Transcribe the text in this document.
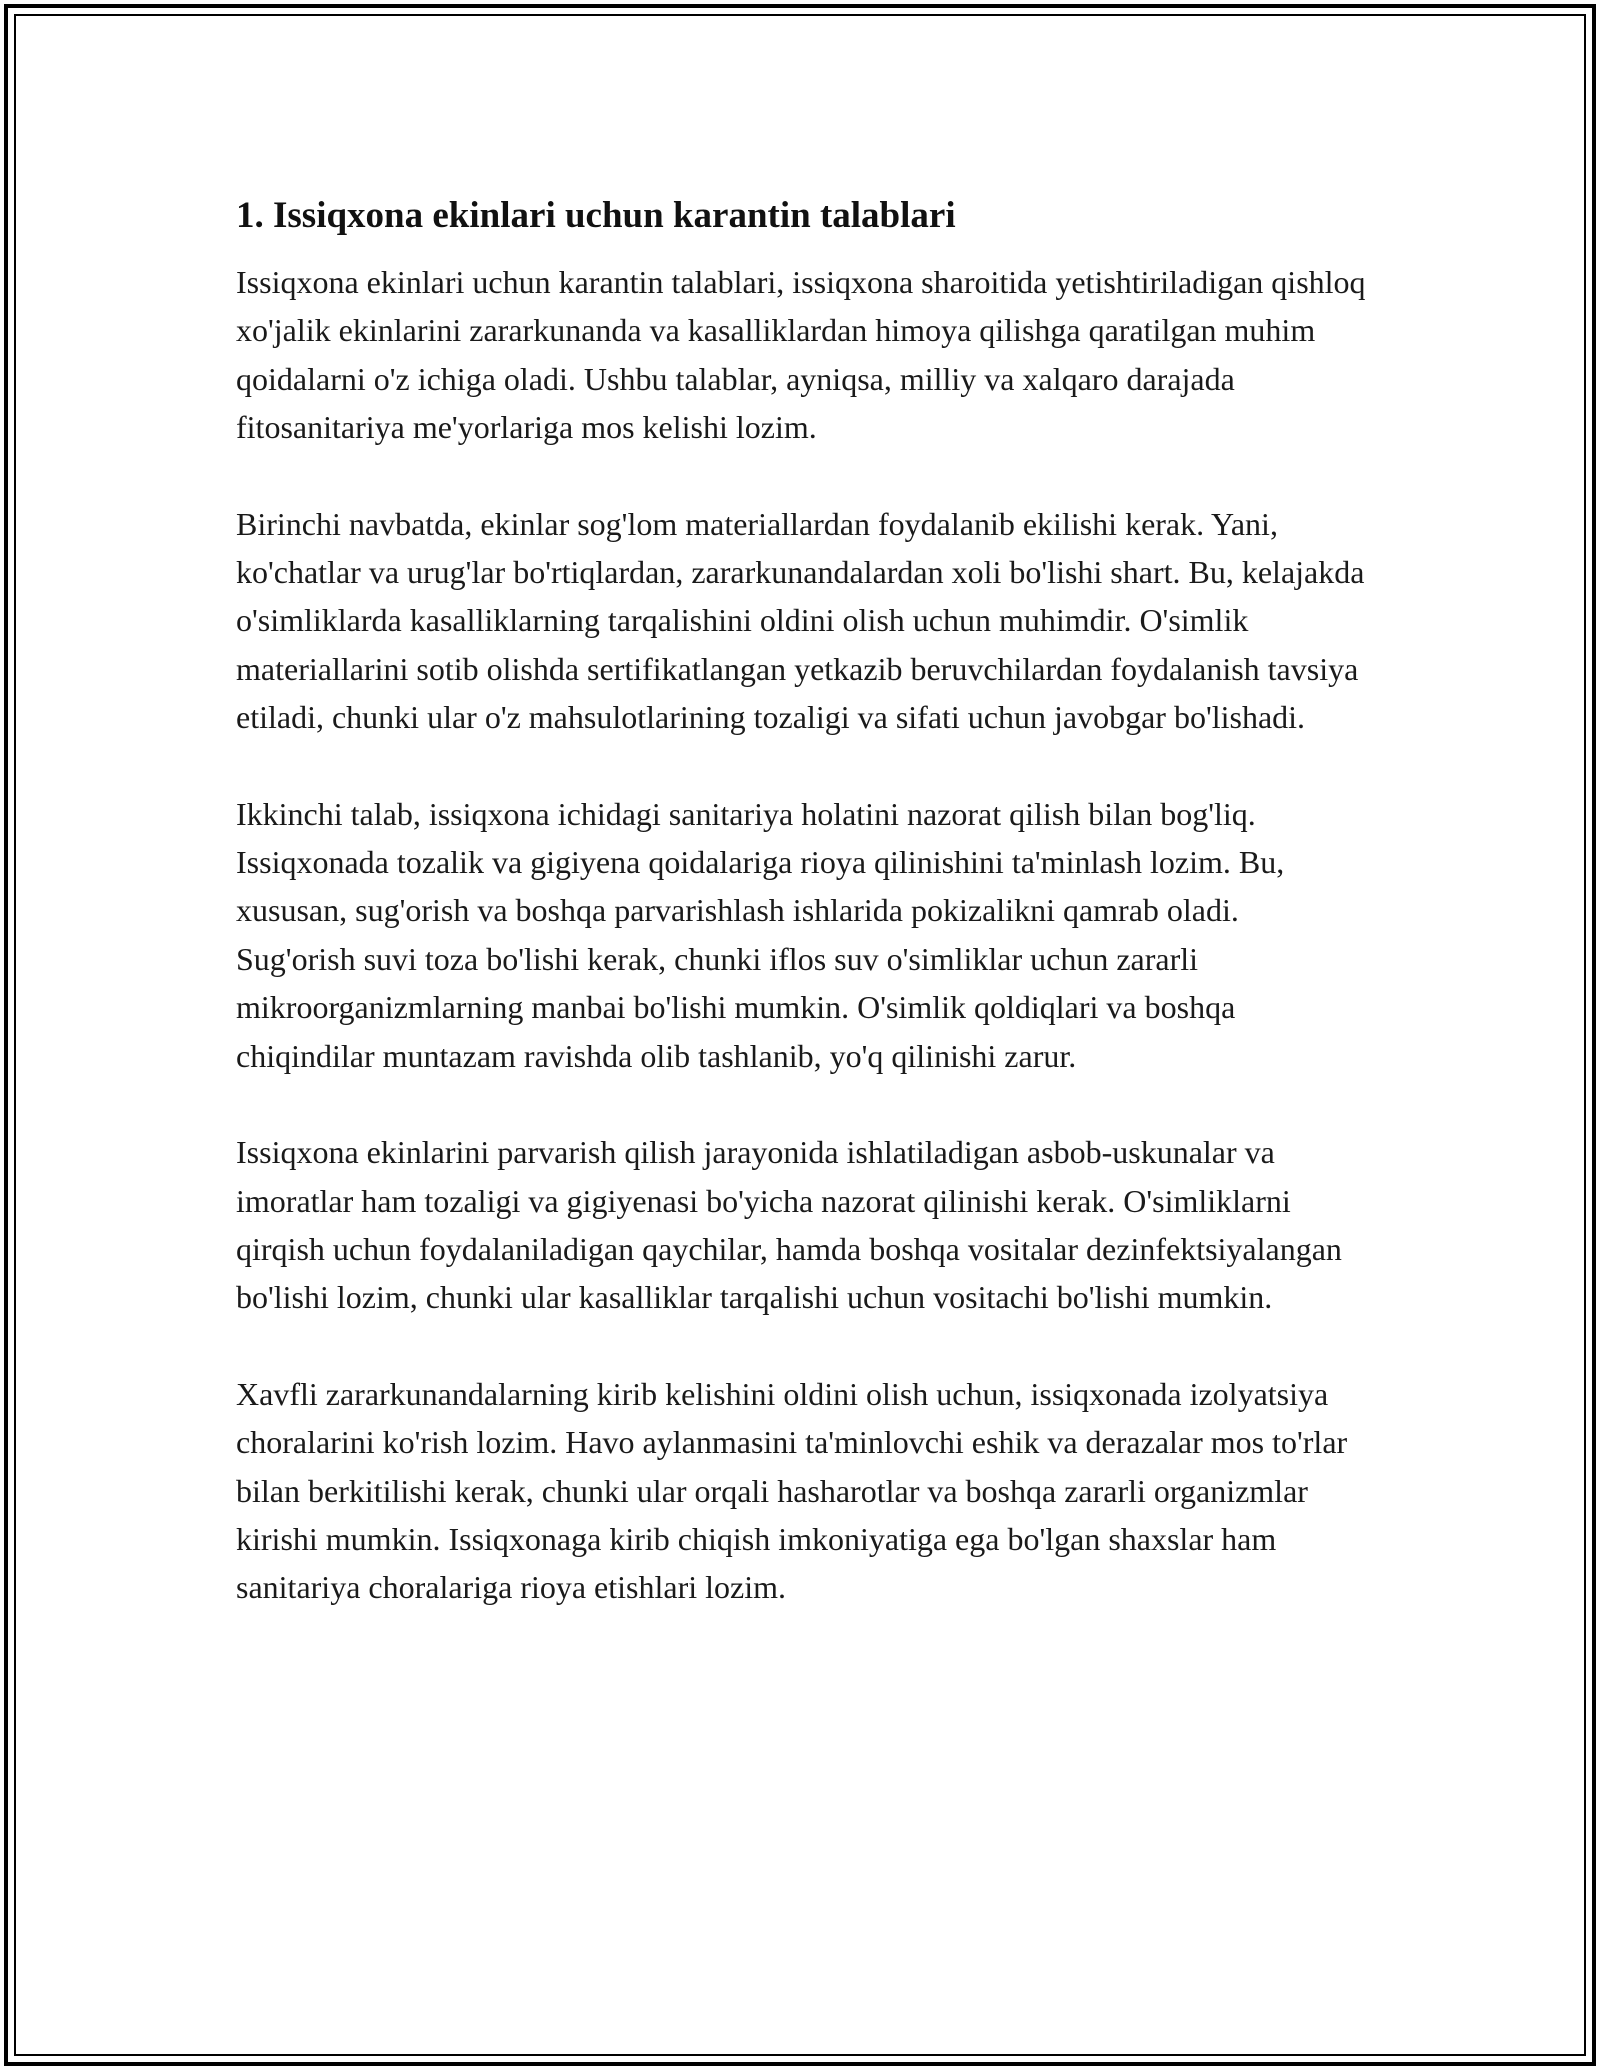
1. Issiqxona ekinlari uchun karantin talablari

Issiqxona ekinlari uchun karantin talablari, issiqxona sharoitida yetishtiriladigan qishloq xo'jalik ekinlarini zararkunanda va kasalliklardan himoya qilishga qaratilgan muhim qoidalarni o'z ichiga oladi. Ushbu talablar, ayniqsa, milliy va xalqaro darajada fitosanitariya me'yorlariga mos kelishi lozim.

Birinchi navbatda, ekinlar sog'lom materiallardan foydalanib ekilishi kerak. Yani, ko'chatlar va urug'lar bo'rtiqlardan, zararkunandalardan xoli bo'lishi shart. Bu, kelajakda o'simliklarda kasalliklarning tarqalishini oldini olish uchun muhimdir. O'simlik materiallarini sotib olishda sertifikatlangan yetkazib beruvchilardan foydalanish tavsiya etiladi, chunki ular o'z mahsulotlarining tozaligi va sifati uchun javobgar bo'lishadi.

Ikkinchi talab, issiqxona ichidagi sanitariya holatini nazorat qilish bilan bog'liq. Issiqxonada tozalik va gigiyena qoidalariga rioya qilinishini ta'minlash lozim. Bu, xususan, sug'orish va boshqa parvarishlash ishlarida pokizalikni qamrab oladi. Sug'orish suvi toza bo'lishi kerak, chunki iflos suv o'simliklar uchun zararli mikroorganizmlarning manbai bo'lishi mumkin. O'simlik qoldiqlari va boshqa chiqindilar muntazam ravishda olib tashlanib, yo'q qilinishi zarur.

Issiqxona ekinlarini parvarish qilish jarayonida ishlatiladigan asbob-uskunalar va imoratlar ham tozaligi va gigiyenasi bo'yicha nazorat qilinishi kerak. O'simliklarni qirqish uchun foydalaniladigan qaychilar, hamda boshqa vositalar dezinfektsiyalangan bo'lishi lozim, chunki ular kasalliklar tarqalishi uchun vositachi bo'lishi mumkin.

Xavfli zararkunandalarning kirib kelishini oldini olish uchun, issiqxonada izolyatsiya choralarini ko'rish lozim. Havo aylanmasini ta'minlovchi eshik va derazalar mos to'rlar bilan berkitilishi kerak, chunki ular orqali hasharotlar va boshqa zararli organizmlar kirishi mumkin. Issiqxonaga kirib chiqish imkoniyatiga ega bo'lgan shaxslar ham sanitariya choralariga rioya etishlari lozim.
